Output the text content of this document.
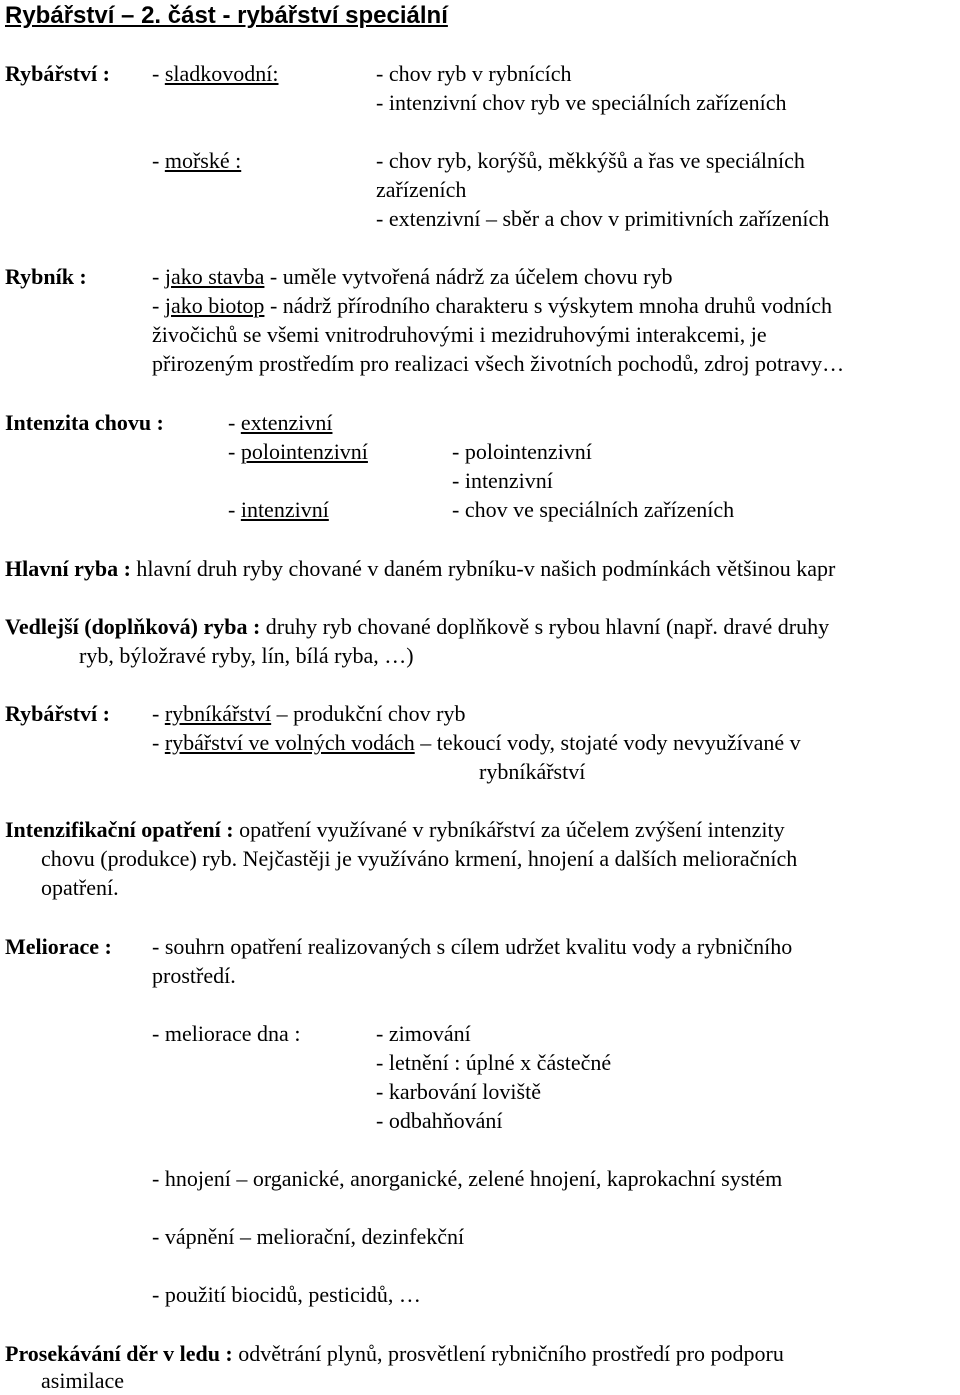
Rybářství – 2. část - rybářství speciální
Rybářství : - sladkovodní:	- chov ryb v rybnících
- intenzivní chov ryb ve speciálních zařízeních
- mořské :	- chov ryb, korýšů, měkkýšů a řas ve speciálních
zařízeních
- extenzivní – sběr a chov v primitivních zařízeních
Rybník :	- jako stavba - uměle vytvořená nádrž za účelem chovu ryb
- jako biotop - nádrž přírodního charakteru s výskytem mnoha druhů vodních
živočichů se všemi vnitrodruhovými i mezidruhovými interakcemi, je
přirozeným prostředím pro realizaci všech životních pochodů, zdroj potravy…
Intenzita chovu :	- extenzivní
- polointenzivní	- polointenzivní
- intenzivní
- intenzivní	- chov ve speciálních zařízeních
Hlavní ryba : hlavní druh ryby chované v daném rybníku-v našich podmínkách většinou kapr
Vedlejší (doplňková) ryba : druhy ryb chované doplňkově s rybou hlavní (např. dravé druhy
ryb, býložravé ryby, lín, bílá ryba, …)
Rybářství : - rybníkářství – produkční chov ryb
- rybářství ve volných vodách – tekoucí vody, stojaté vody nevyužívané v
rybníkářství
Intenzifikační opatření : opatření využívané v rybníkářství za účelem zvýšení intenzity
chovu (produkce) ryb. Nejčastěji je využíváno krmení, hnojení a dalších melioračních
opatření.
Meliorace : - souhrn opatření realizovaných s cílem udržet kvalitu vody a rybničního
prostředí.
- meliorace dna :	- zimování
- letnění : úplné x částečné
- karbování loviště
- odbahňování
- hnojení – organické, anorganické, zelené hnojení, kaprokachní systém
- vápnění – meliorační, dezinfekční
- použití biocidů, pesticidů, …
Prosekávání děr v ledu : odvětrání plynů, prosvětlení rybničního prostředí pro podporu
asimilace
